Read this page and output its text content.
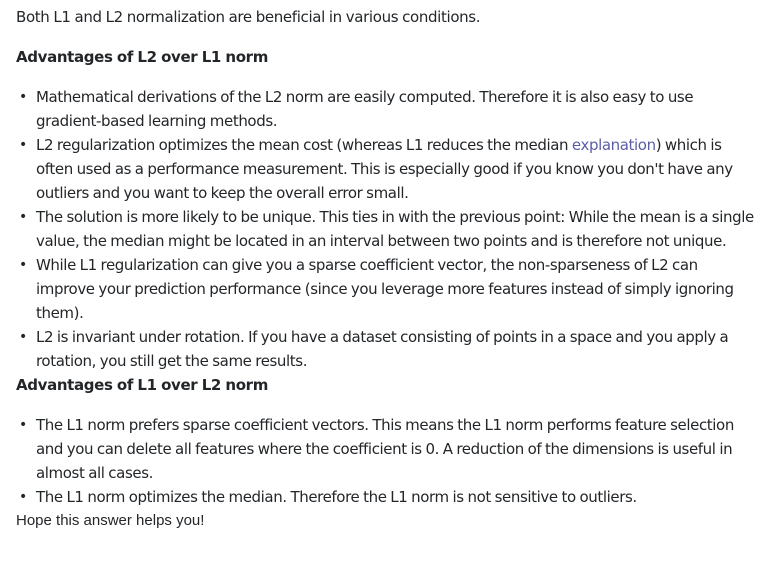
Both L1 and L2 normalization are beneficial in various conditions.

Advantages of L2 over L1 norm

• Mathematical derivations of the L2 norm are easily computed. Therefore it is also easy to use gradient-based learning methods.
• L2 regularization optimizes the mean cost (whereas L1 reduces the median explanation) which is often used as a performance measurement. This is especially good if you know you don't have any outliers and you want to keep the overall error small.
• The solution is more likely to be unique. This ties in with the previous point: While the mean is a single value, the median might be located in an interval between two points and is therefore not unique.
• While L1 regularization can give you a sparse coefficient vector, the non-sparseness of L2 can improve your prediction performance (since you leverage more features instead of simply ignoring them).
• L2 is invariant under rotation. If you have a dataset consisting of points in a space and you apply a rotation, you still get the same results.

Advantages of L1 over L2 norm

• The L1 norm prefers sparse coefficient vectors. This means the L1 norm performs feature selection and you can delete all features where the coefficient is 0. A reduction of the dimensions is useful in almost all cases.
• The L1 norm optimizes the median. Therefore the L1 norm is not sensitive to outliers.

Hope this answer helps you!
